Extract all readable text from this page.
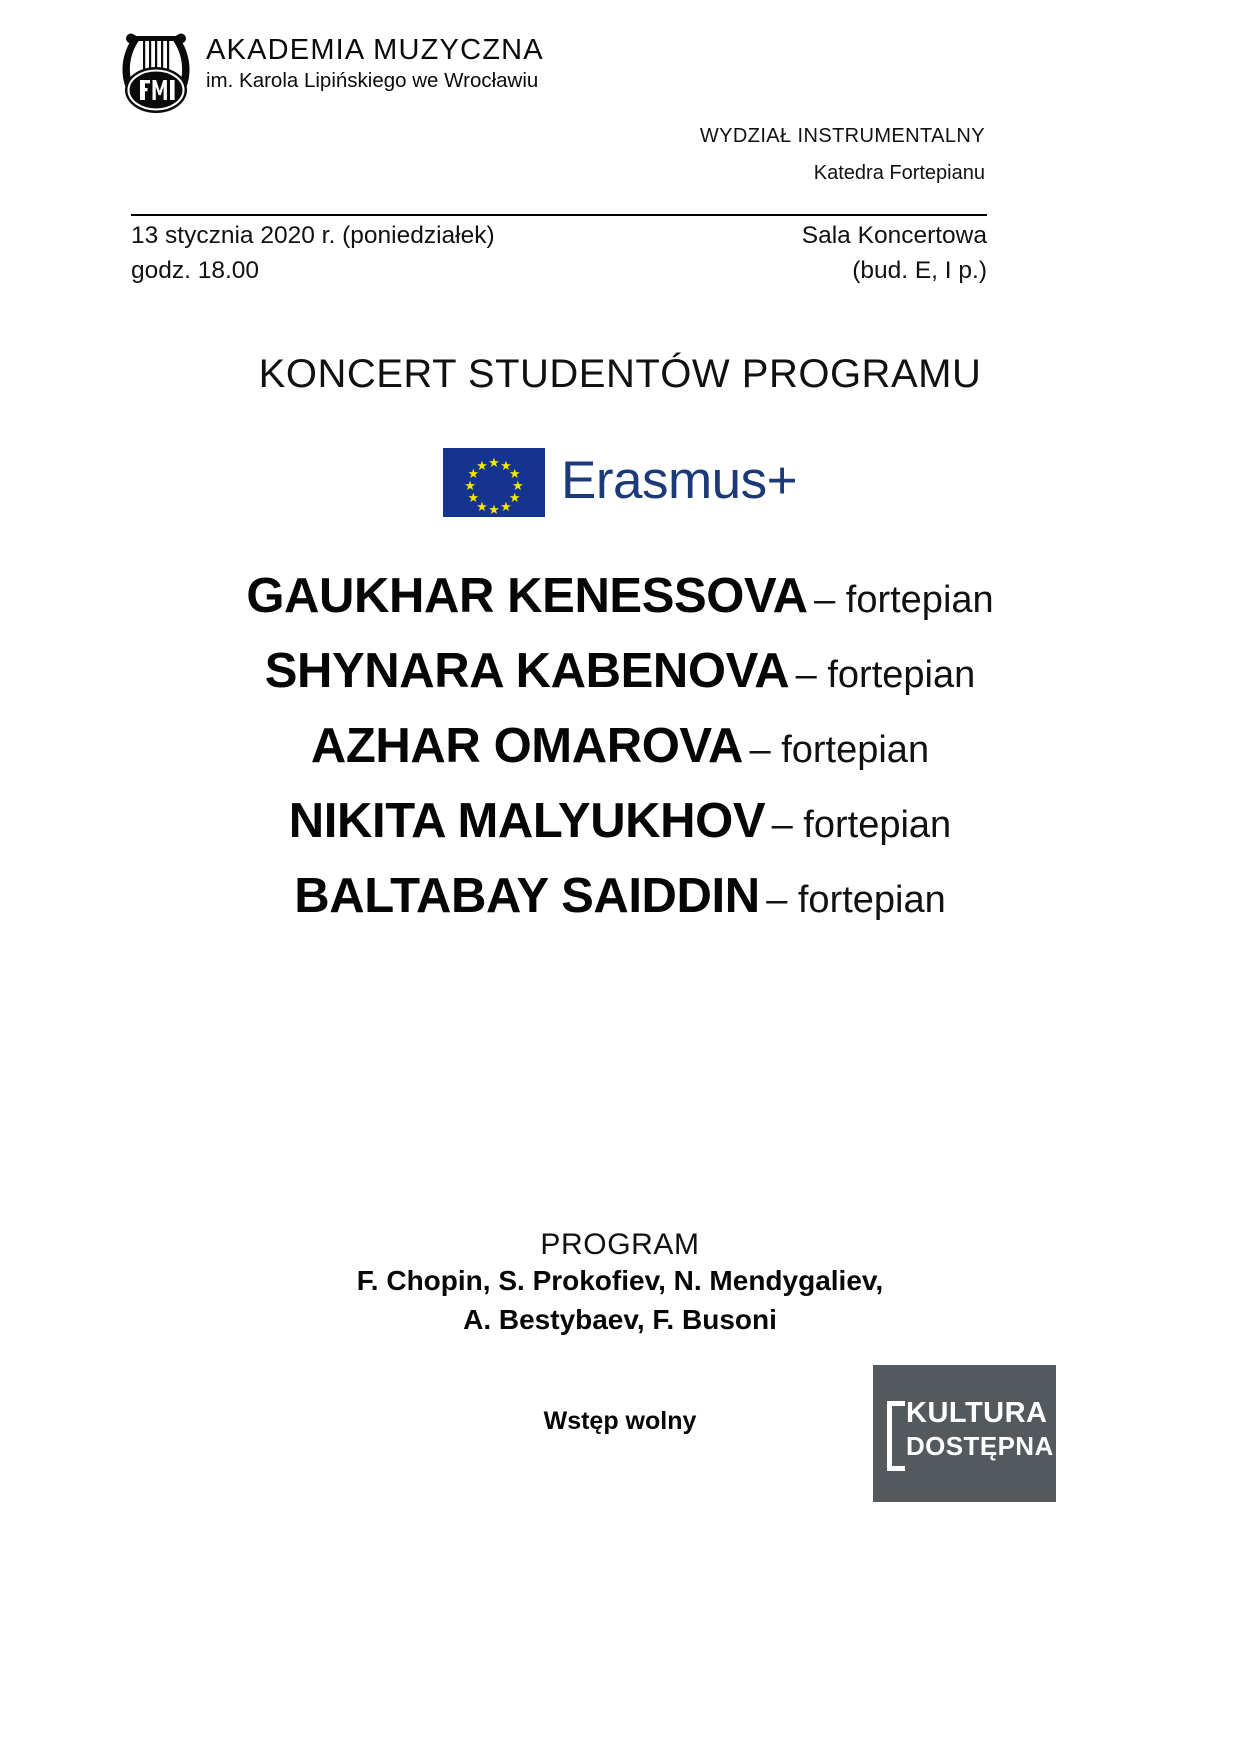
AKADEMIA MUZYCZNA
im. Karola Lipińskiego we Wrocławiu
WYDZIAŁ INSTRUMENTALNY
Katedra Fortepianu
13 stycznia 2020 r. (poniedziałek)
godz. 18.00
Sala Koncertowa
(bud. E, I p.)
KONCERT STUDENTÓW PROGRAMU
★
★ ★
★ ★
★	★
★ ★
★ ★
★ Erasmus+
GAUKHAR KENESSOVA – fortepian
SHYNARA KABENOVA – fortepian
AZHAR OMAROVA – fortepian
NIKITA MALYUKHOV – fortepian
BALTABAY SAIDDIN – fortepian
PROGRAM
F. Chopin, S. Prokofiev, N. Mendygaliev,
A. Bestybaev, F. Busoni
Wstęp wolny	KULTURA
DOSTĘPNA
